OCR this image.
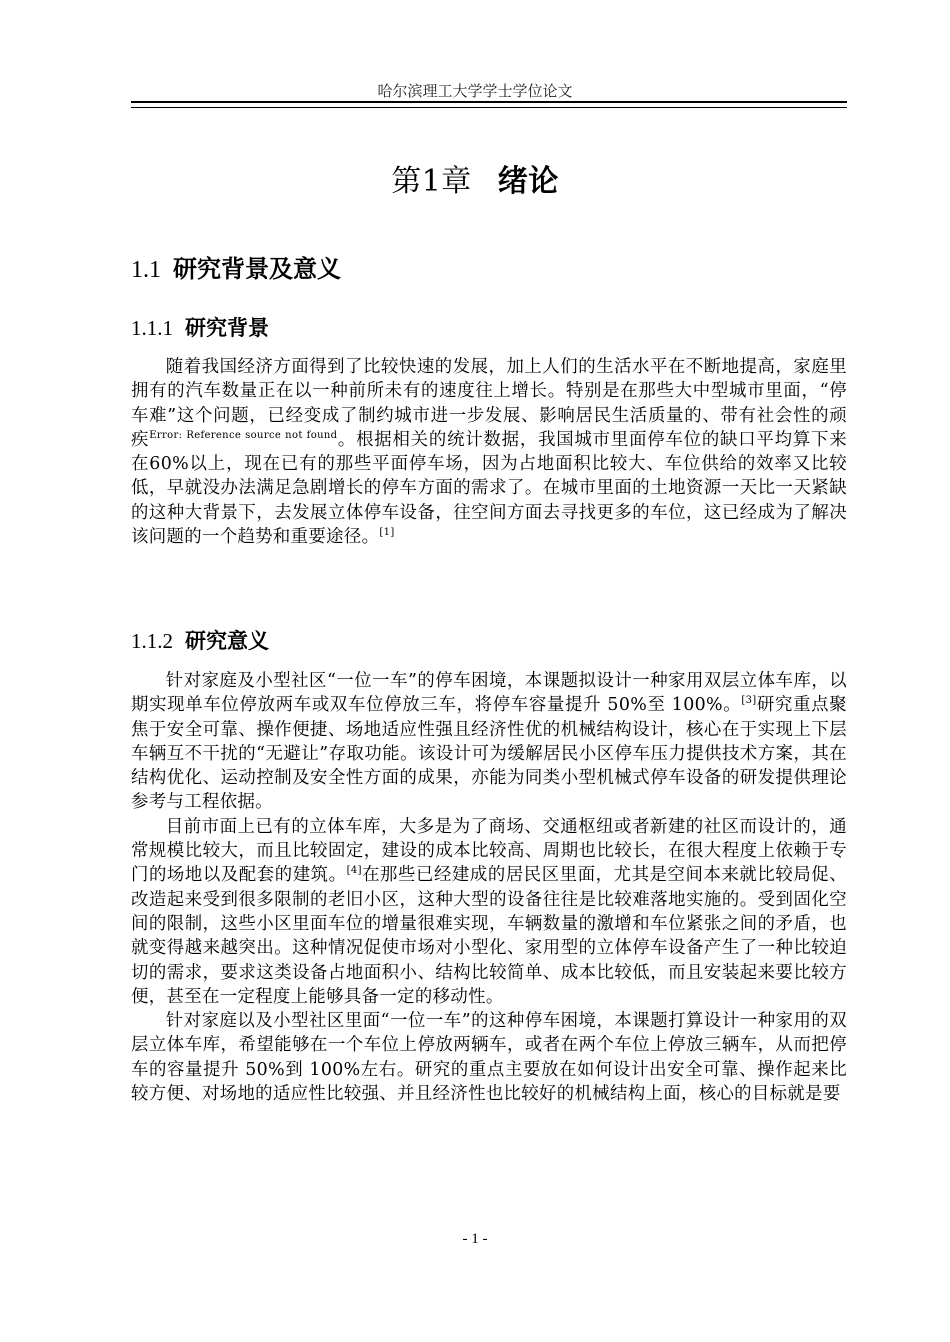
哈尔滨理工大学学士学位论文
第1章 绪论
1.1 研究背景及意义
1.1.1 研究背景

随着我国经济方面得到了比较快速的发展，加上人们的生活水平在不断地提高，家庭里拥有的汽车数量正在以一种前所未有的速度往上增长。特别是在那些大中型城市里面，“停车难”这个问题，已经变成了制约城市进一步发展、影响居民生活质量的、带有社会性的顽疾$^{Error: Reference source not found}$。根据相关的统计数据，我国城市里面停车位的缺口平均算下来在60%以上，现在已有的那些平面停车场，因为占地面积比较大、车位供给的效率又比较低，早就没办法满足急剧增长的停车方面的需求了。在城市里面的土地资源一天比一天紧缺的这种大背景下，去发展立体停车设备，往空间方面去寻找更多的车位，这已经成为了解决该问题的一个趋势和重要途径。[1]

1.1.2 研究意义

针对家庭及小型社区“一位一车”的停车困境，本课题拟设计一种家用双层立体车库，以期实现单车位停放两车或双车位停放三车，将停车容量提升 50%至 100%。[3]研究重点聚焦于安全可靠、操作便捷、场地适应性强且经济性优的机械结构设计，核心在于实现上下层车辆互不干扰的“无避让”存取功能。该设计可为缓解居民小区停车压力提供技术方案，其在结构优化、运动控制及安全性方面的成果，亦能为同类小型机械式停车设备的研发提供理论参考与工程依据。

目前市面上已有的立体车库，大多是为了商场、交通枢纽或者新建的社区而设计的，通常规模比较大，而且比较固定，建设的成本比较高、周期也比较长，在很大程度上依赖于专门的场地以及配套的建筑。[4]在那些已经建成的居民区里面，尤其是空间本来就比较局促、改造起来受到很多限制的老旧小区，这种大型的设备往往是比较难落地实施的。受到固化空间的限制，这些小区里面车位的增量很难实现，车辆数量的激增和车位紧张之间的矛盾，也就变得越来越突出。这种情况促使市场对小型化、家用型的立体停车设备产生了一种比较迫切的需求，要求这类设备占地面积小、结构比较简单、成本比较低，而且安装起来要比较方便，甚至在一定程度上能够具备一定的移动性。

针对家庭以及小型社区里面“一位一车”的这种停车困境，本课题打算设计一种家用的双层立体车库，希望能够在一个车位上停放两辆车，或者在两个车位上停放三辆车，从而把停车的容量提升 50%到 100%左右。研究的重点主要放在如何设计出安全可靠、操作起来比较方便、对场地的适应性比较强、并且经济性也比较好的机械结构上面，核心的目标就是要

- 1 -
